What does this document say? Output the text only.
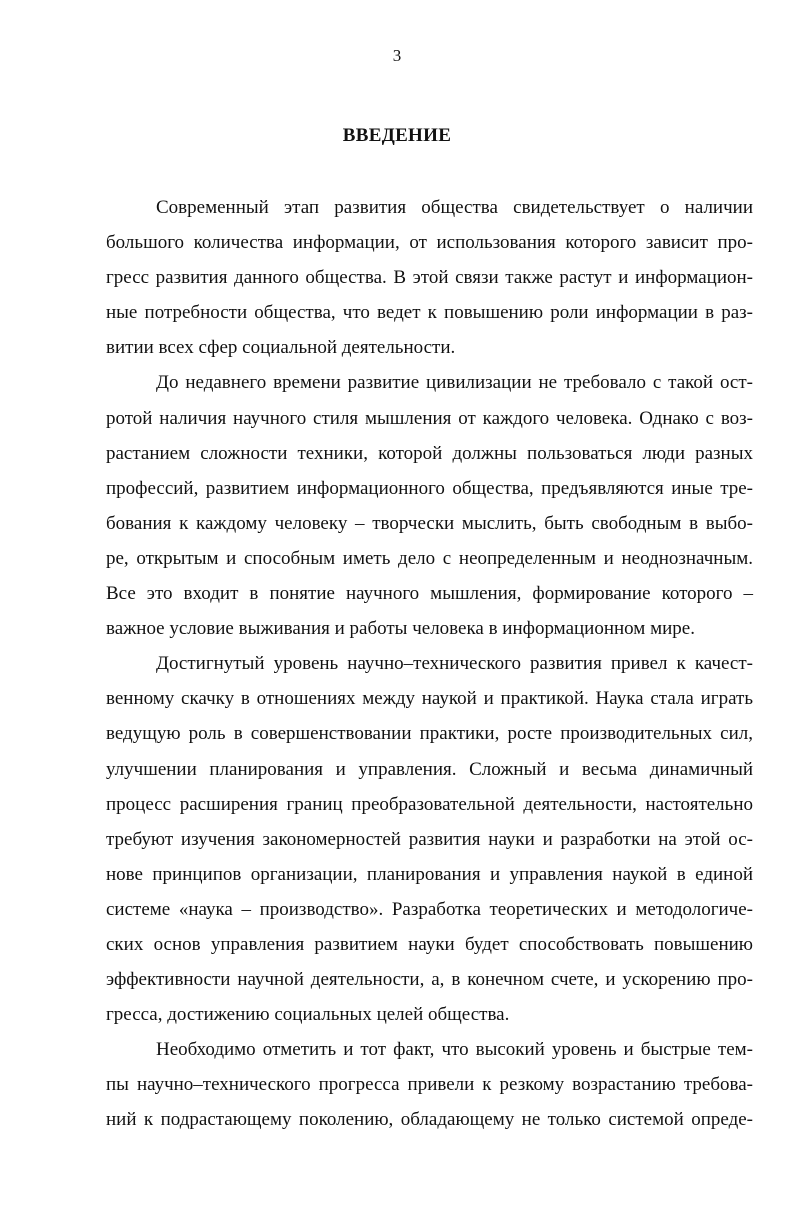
3
ВВЕДЕНИЕ

Современный этап развития общества свидетельствует о наличии
большого количества информации, от использования которого зависит про-
гресс развития данного общества. В этой связи также растут и информацион-
ные потребности общества, что ведет к повышению роли информации в раз-
витии всех сфер социальной деятельности.

До недавнего времени развитие цивилизации не требовало с такой ост-
ротой наличия научного стиля мышления от каждого человека. Однако с воз-
растанием сложности техники, которой должны пользоваться люди разных
профессий, развитием информационного общества, предъявляются иные тре-
бования к каждому человеку – творчески мыслить, быть свободным в выбо-
ре, открытым и способным иметь дело с неопределенным и неоднозначным.
Все это входит в понятие научного мышления, формирование которого –
важное условие выживания и работы человека в информационном мире.

Достигнутый уровень научно–технического развития привел к качест-
венному скачку в отношениях между наукой и практикой. Наука стала играть
ведущую роль в совершенствовании практики, росте производительных сил,
улучшении планирования и управления. Сложный и весьма динамичный
процесс расширения границ преобразовательной деятельности, настоятельно
требуют изучения закономерностей развития науки и разработки на этой ос-
нове принципов организации, планирования и управления наукой в единой
системе «наука – производство». Разработка теоретических и методологиче-
ских основ управления развитием науки будет способствовать повышению
эффективности научной деятельности, а, в конечном счете, и ускорению про-
гресса, достижению социальных целей общества.

Необходимо отметить и тот факт, что высокий уровень и быстрые тем-
пы научно–технического прогресса привели к резкому возрастанию требова-
ний к подрастающему поколению, обладающему не только системой опреде-
